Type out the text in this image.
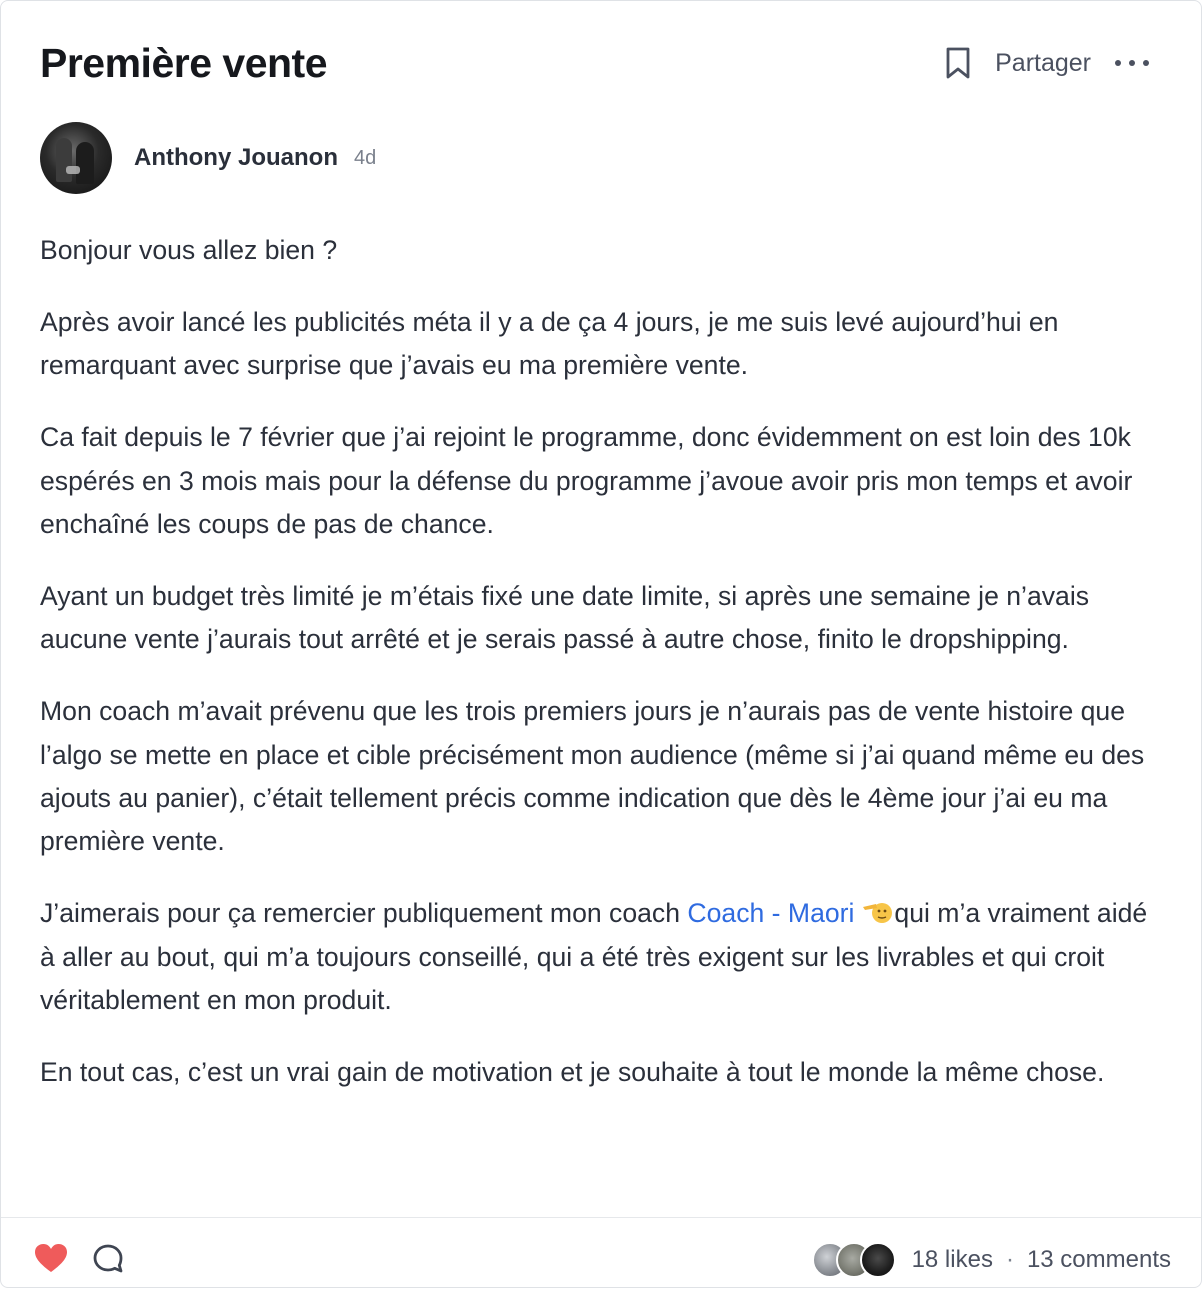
Première vente	Partager
Anthony Jouanon 4d

Bonjour vous allez bien ?

Après avoir lancé les publicités méta il y a de ça 4 jours, je me suis levé aujourd’hui en remarquant avec surprise que j’avais eu ma première vente.

Ca fait depuis le 7 février que j’ai rejoint le programme, donc évidemment on est loin des 10k espérés en 3 mois mais pour la défense du programme j’avoue avoir pris mon temps et avoir enchaîné les coups de pas de chance.

Ayant un budget très limité je m’étais fixé une date limite, si après une semaine je n’avais aucune vente j’aurais tout arrêté et je serais passé à autre chose, finito le dropshipping.

Mon coach m’avait prévenu que les trois premiers jours je n’aurais pas de vente histoire que l’algo se mette en place et cible précisément mon audience (même si j’ai quand même eu des ajouts au panier), c’était tellement précis comme indication que dès le 4ème jour j’ai eu ma première vente.

J’aimerais pour ça remercier publiquement mon coach Coach - Maori qui m’a vraiment aidé à aller au bout, qui m’a toujours conseillé, qui a été très exigent sur les livrables et qui croit véritablement en mon produit.

En tout cas, c’est un vrai gain de motivation et je souhaite à tout le monde la même chose.

18 likes · 13 comments
